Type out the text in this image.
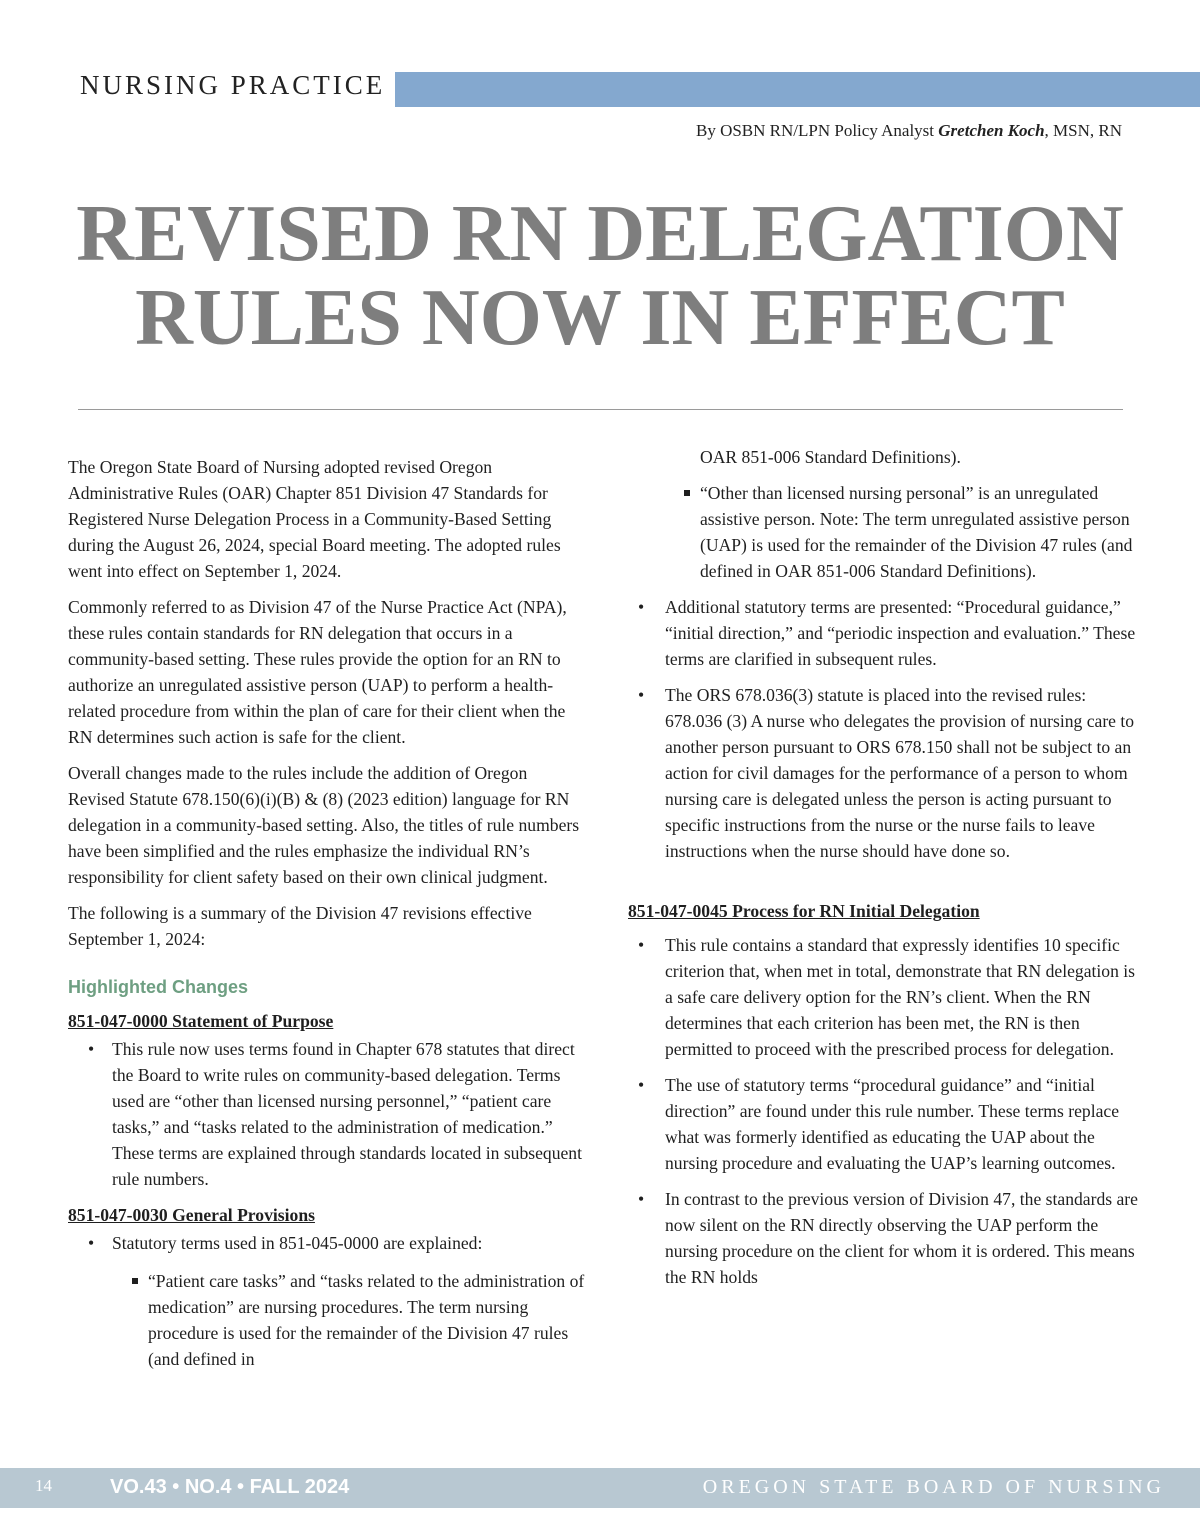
NURSING PRACTICE
By OSBN RN/LPN Policy Analyst Gretchen Koch, MSN, RN
REVISED RN DELEGATION
RULES NOW IN EFFECT

The Oregon State Board of Nursing adopted revised Oregon Administrative Rules (OAR) Chapter 851 Division 47 Standards for Registered Nurse Delegation Process in a Community-Based Setting during the August 26, 2024, special Board meeting. The adopted rules went into effect on September 1, 2024.

Commonly referred to as Division 47 of the Nurse Practice Act (NPA), these rules contain standards for RN delegation that occurs in a community-based setting. These rules provide the option for an RN to authorize an unregulated assistive person (UAP) to perform a health-related procedure from within the plan of care for their client when the RN determines such action is safe for the client.

Overall changes made to the rules include the addition of Oregon Revised Statute 678.150(6)(i)(B) & (8) (2023 edition) language for RN delegation in a community-based setting. Also, the titles of rule numbers have been simplified and the rules emphasize the individual RN’s responsibility for client safety based on their own clinical judgment.

The following is a summary of the Division 47 revisions effective September 1, 2024:

Highlighted Changes
851-047-0000 Statement of Purpose
• This rule now uses terms found in Chapter 678 statutes that direct the Board to write rules on community-based delegation. Terms used are “other than licensed nursing personnel,” “patient care tasks,” and “tasks related to the administration of medication.” These terms are explained through standards located in subsequent rule numbers.
851-047-0030 General Provisions
• Statutory terms used in 851-045-0000 are explained:
“Patient care tasks” and “tasks related to the administration of medication” are nursing procedures. The term nursing procedure is used for the remainder of the Division 47 rules (and defined in
OAR 851-006 Standard Definitions).
“Other than licensed nursing personal” is an unregulated assistive person. Note: The term unregulated assistive person (UAP) is used for the remainder of the Division 47 rules (and defined in OAR 851-006 Standard Definitions).
• Additional statutory terms are presented: “Procedural guidance,” “initial direction,” and “periodic inspection and evaluation.” These terms are clarified in subsequent rules.
• The ORS 678.036(3) statute is placed into the revised rules: 678.036 (3) A nurse who delegates the provision of nursing care to another person pursuant to ORS 678.150 shall not be subject to an action for civil damages for the performance of a person to whom nursing care is delegated unless the person is acting pursuant to specific instructions from the nurse or the nurse fails to leave instructions when the nurse should have done so.
851-047-0045 Process for RN Initial Delegation
• This rule contains a standard that expressly identifies 10 specific criterion that, when met in total, demonstrate that RN delegation is a safe care delivery option for the RN’s client. When the RN determines that each criterion has been met, the RN is then permitted to proceed with the prescribed process for delegation.
• The use of statutory terms “procedural guidance” and “initial direction” are found under this rule number. These terms replace what was formerly identified as educating the UAP about the nursing procedure and evaluating the UAP’s learning outcomes.
• In contrast to the previous version of Division 47, the standards are now silent on the RN directly observing the UAP perform the nursing procedure on the client for whom it is ordered. This means the RN holds
14	VO.43 • NO.4 • FALL 2024	OREGON STATE BOARD OF NURSING
